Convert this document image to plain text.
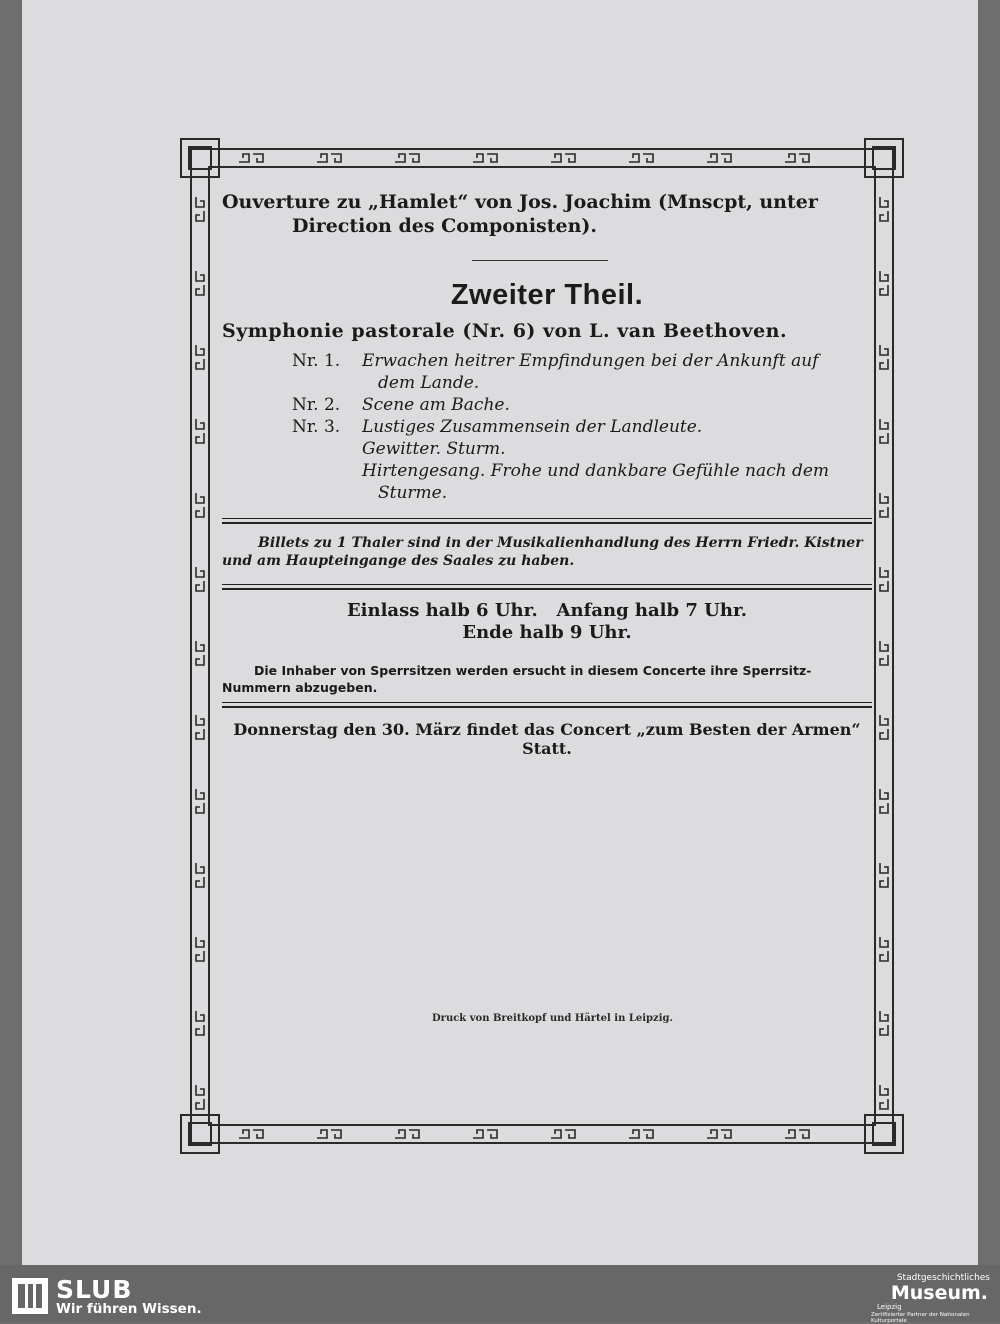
Ouverture zu „Hamlet“ von Jos. Joachim (Mnscpt, unter
Direction des Componisten).

Zweiter Theil.

Symphonie pastorale (Nr. 6) von L. van Beethoven.

Nr. 1.	Erwachen heitrer Empfindungen bei der Ankunft auf
dem Lande.
Nr. 2.	Scene am Bache.
Nr. 3.	Lustiges Zusammensein der Landleute.
Gewitter. Sturm.
Hirtengesang. Frohe und dankbare Gefühle nach dem
Sturme.

Billets zu 1 Thaler sind in der Musikalienhandlung des Herrn Friedr. Kistner
und am Haupteingange des Saales zu haben.

Einlass halb 6 Uhr.   Anfang halb 7 Uhr.
Ende halb 9 Uhr.

Die Inhaber von Sperrsitzen werden ersucht in diesem Concerte ihre Sperrsitz-
Nummern abzugeben.

Donnerstag den 30. März findet das Concert „zum Besten der Armen“ Statt.

Druck von Breitkopf und Härtel in Leipzig.
SLUB
Wir führen Wissen.
Stadtgeschichtliches
Museum.
Leipzig
Zertifizierter Partner der Nationalen Kulturportale
